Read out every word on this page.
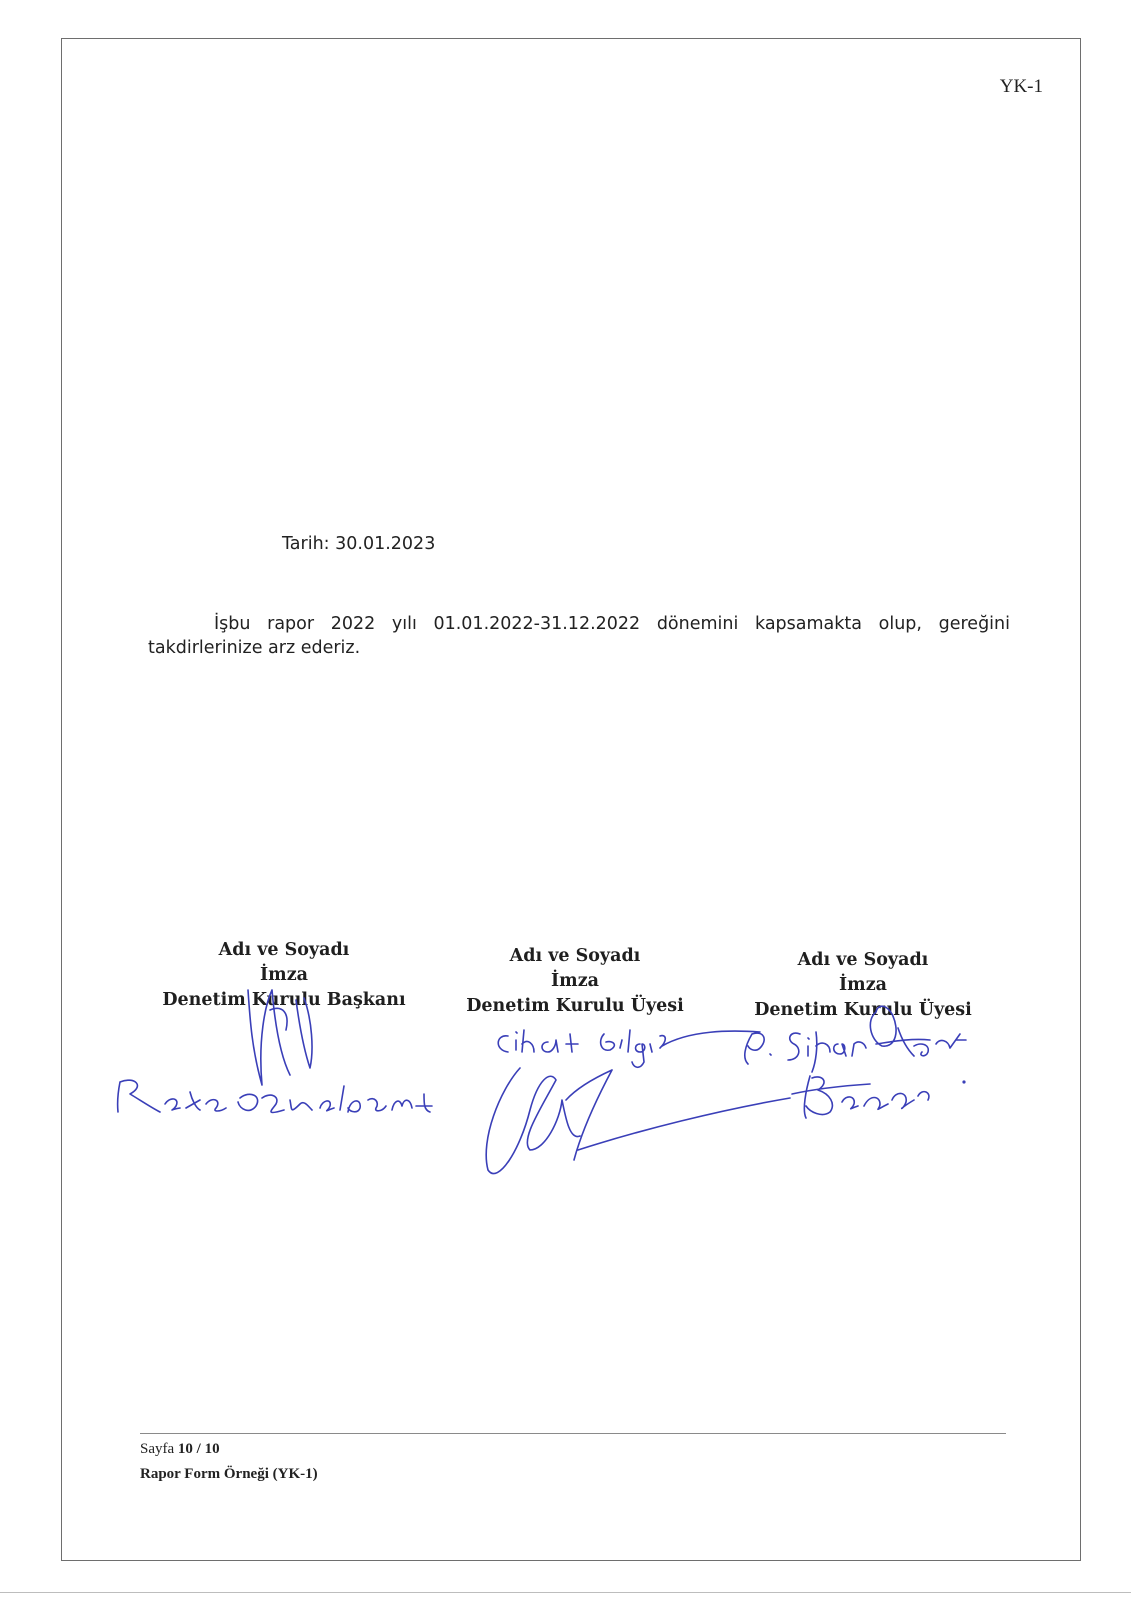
YK-1
Tarih: 30.01.2023
İşbu rapor 2022 yılı 01.01.2022-31.12.2022 dönemini kapsamakta olup, gereğini takdirlerinize arz ederiz.
Adı ve Soyadı
İmza
Denetim Kurulu Başkanı
Adı ve Soyadı
İmza
Denetim Kurulu Üyesi
Adı ve Soyadı
İmza
Denetim Kurulu Üyesi
Sayfa 10 / 10
Rapor Form Örneği (YK-1)
